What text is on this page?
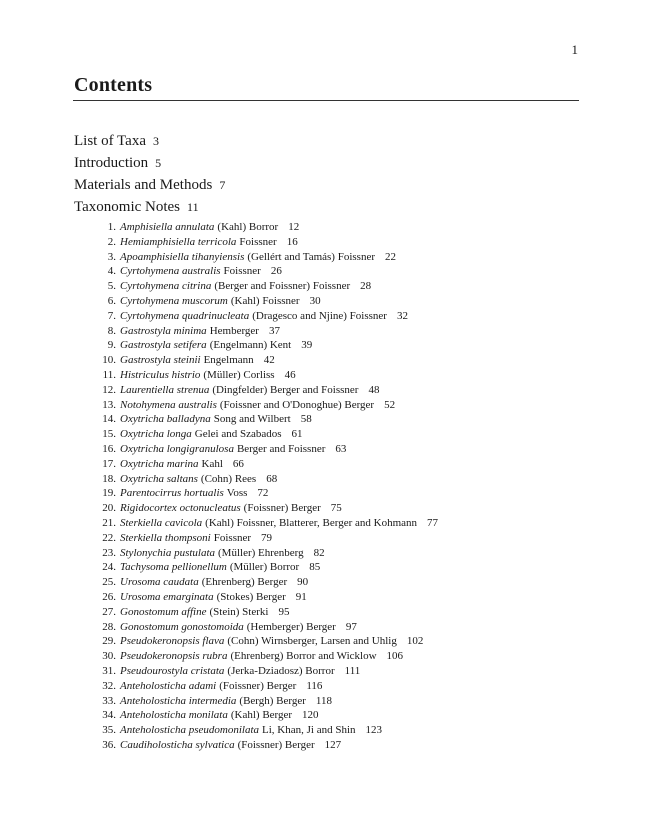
1
Contents
List of Taxa 3
Introduction 5
Materials and Methods 7
Taxonomic Notes 11
1. Amphisiella annulata (Kahl) Borror 12
2. Hemiamphisiella terricola Foissner 16
3. Apoamphisiella tihanyiensis (Gellért and Tamás) Foissner 22
4. Cyrtohymena australis Foissner 26
5. Cyrtohymena citrina (Berger and Foissner) Foissner 28
6. Cyrtohymena muscorum (Kahl) Foissner 30
7. Cyrtohymena quadrinucleata (Dragesco and Njine) Foissner 32
8. Gastrostyla minima Hemberger 37
9. Gastrostyla setifera (Engelmann) Kent 39
10. Gastrostyla steinii Engelmann 42
11. Histriculus histrio (Müller) Corliss 46
12. Laurentiella strenua (Dingfelder) Berger and Foissner 48
13. Notohymena australis (Foissner and O'Donoghue) Berger 52
14. Oxytricha balladyna Song and Wilbert 58
15. Oxytricha longa Gelei and Szabados 61
16. Oxytricha longigranulosa Berger and Foissner 63
17. Oxytricha marina Kahl 66
18. Oxytricha saltans (Cohn) Rees 68
19. Parentocirrus hortualis Voss 72
20. Rigidocortex octonucleatus (Foissner) Berger 75
21. Sterkiella cavicola (Kahl) Foissner, Blatterer, Berger and Kohmann 77
22. Sterkiella thompsoni Foissner 79
23. Stylonychia pustulata (Müller) Ehrenberg 82
24. Tachysoma pellionellum (Müller) Borror 85
25. Urosoma caudata (Ehrenberg) Berger 90
26. Urosoma emarginata (Stokes) Berger 91
27. Gonostomum affine (Stein) Sterki 95
28. Gonostomum gonostomoida (Hemberger) Berger 97
29. Pseudokeronopsis flava (Cohn) Wirnsberger, Larsen and Uhlig 102
30. Pseudokeronopsis rubra (Ehrenberg) Borror and Wicklow 106
31. Pseudourostyla cristata (Jerka-Dziadosz) Borror 111
32. Anteholosticha adami (Foissner) Berger 116
33. Anteholosticha intermedia (Bergh) Berger 118
34. Anteholosticha monilata (Kahl) Berger 120
35. Anteholosticha pseudomonilata Li, Khan, Ji and Shin 123
36. Caudiholosticha sylvatica (Foissner) Berger 127
